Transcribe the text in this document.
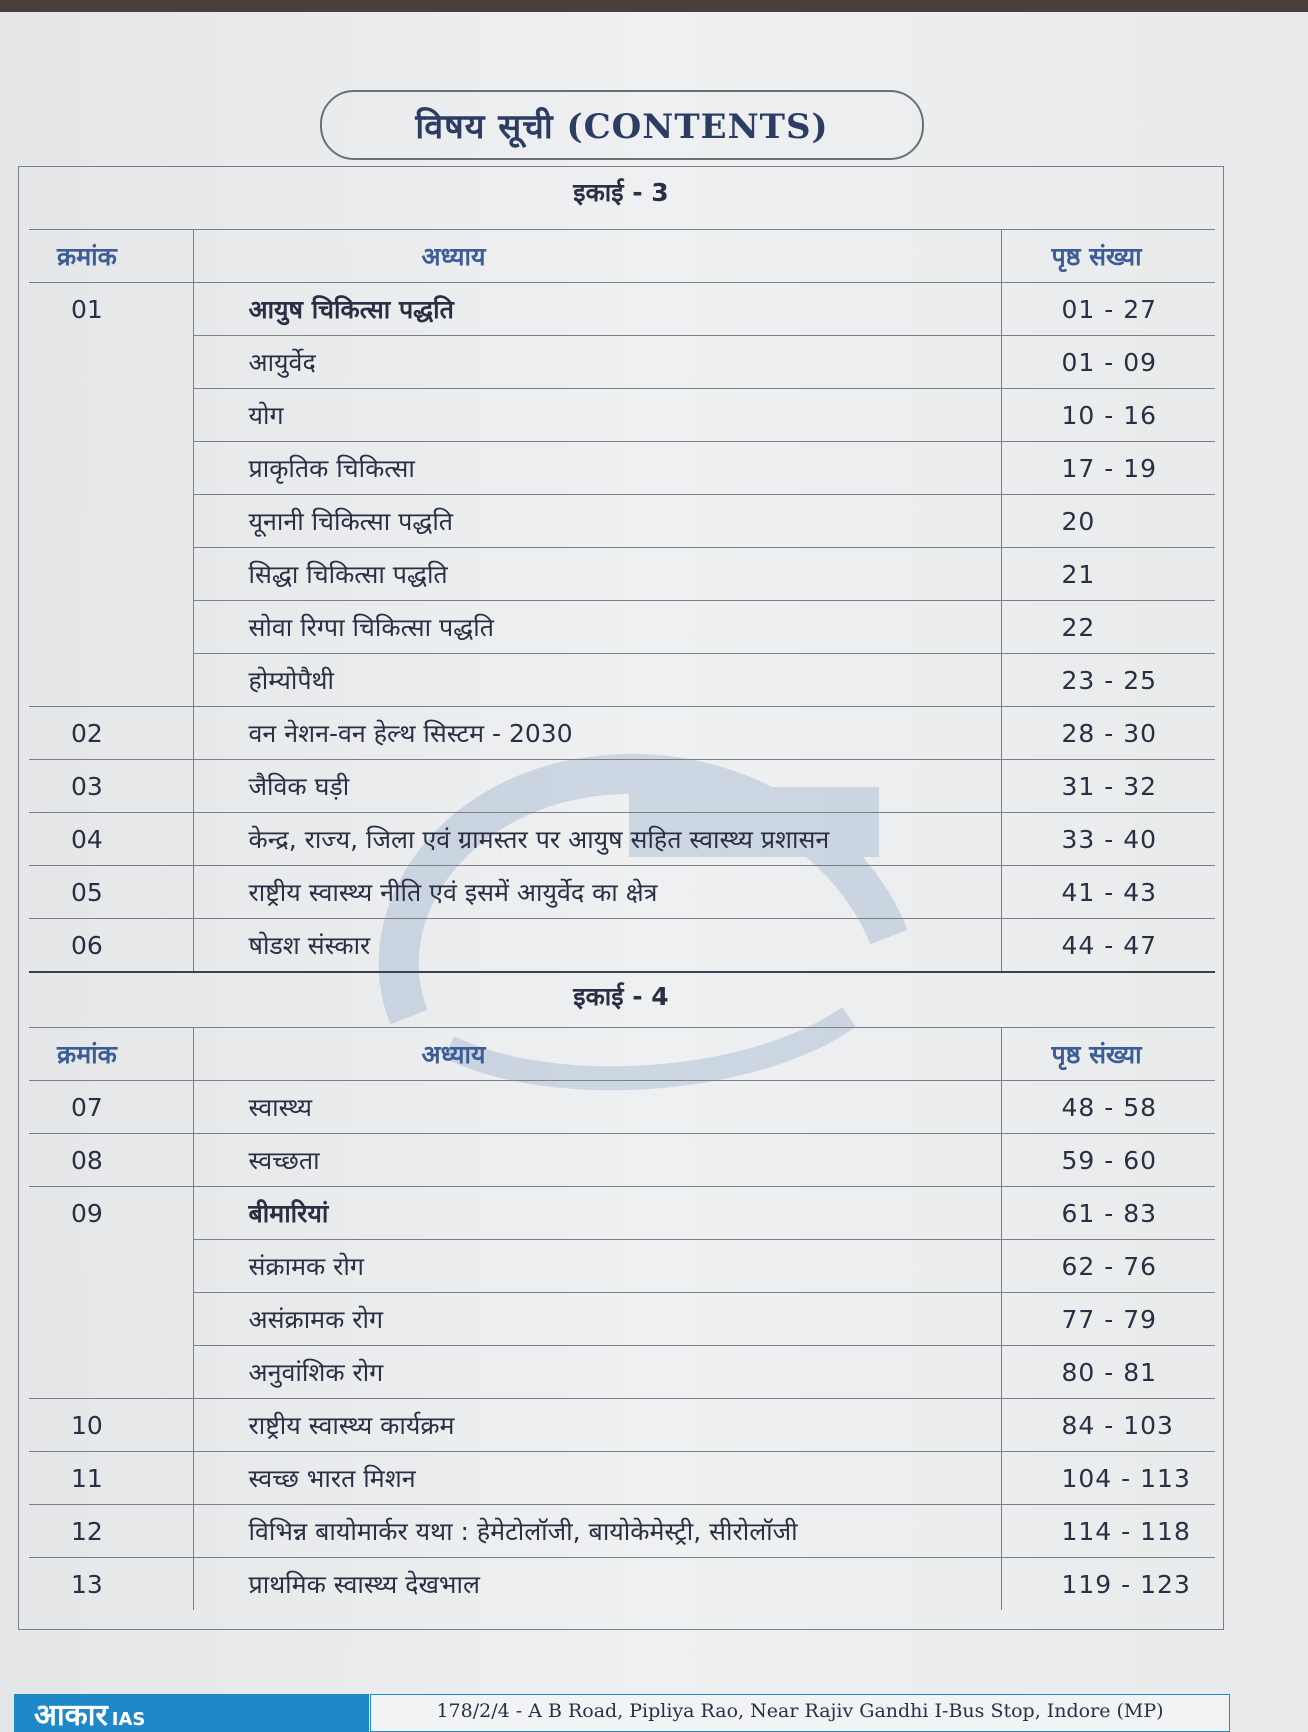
विषय सूची (CONTENTS)
इकाई - 3
क्रमांक	अध्याय	पृष्ठ संख्या
01	आयुष चिकित्सा पद्धति	01 - 27
	आयुर्वेद	01 - 09
	योग	10 - 16
	प्राकृतिक चिकित्सा	17 - 19
	यूनानी चिकित्सा पद्धति	20
	सिद्धा चिकित्सा पद्धति	21
	सोवा रिग्पा चिकित्सा पद्धति	22
	होम्योपैथी	23 - 25
02	वन नेशन-वन हेल्थ सिस्टम - 2030	28 - 30
03	जैविक घड़ी	31 - 32
04	केन्द्र, राज्य, जिला एवं ग्रामस्तर पर आयुष सहित स्वास्थ्य प्रशासन	33 - 40
05	राष्ट्रीय स्वास्थ्य नीति एवं इसमें आयुर्वेद का क्षेत्र	41 - 43
06	षोडश संस्कार	44 - 47
इकाई - 4
क्रमांक	अध्याय	पृष्ठ संख्या
07	स्वास्थ्य	48 - 58
08	स्वच्छता	59 - 60
09	बीमारियां	61 - 83
	संक्रामक रोग	62 - 76
	असंक्रामक रोग	77 - 79
	अनुवांशिक रोग	80 - 81
10	राष्ट्रीय स्वास्थ्य कार्यक्रम	84 - 103
11	स्वच्छ भारत मिशन	104 - 113
12	विभिन्न बायोमार्कर यथा : हेमेटोलॉजी, बायोकेमेस्ट्री, सीरोलॉजी	114 - 118
13	प्राथमिक स्वास्थ्य देखभाल	119 - 123
आकार IAS	178/2/4 - A B Road, Pipliya Rao, Near Rajiv Gandhi I-Bus Stop, Indore (MP)
